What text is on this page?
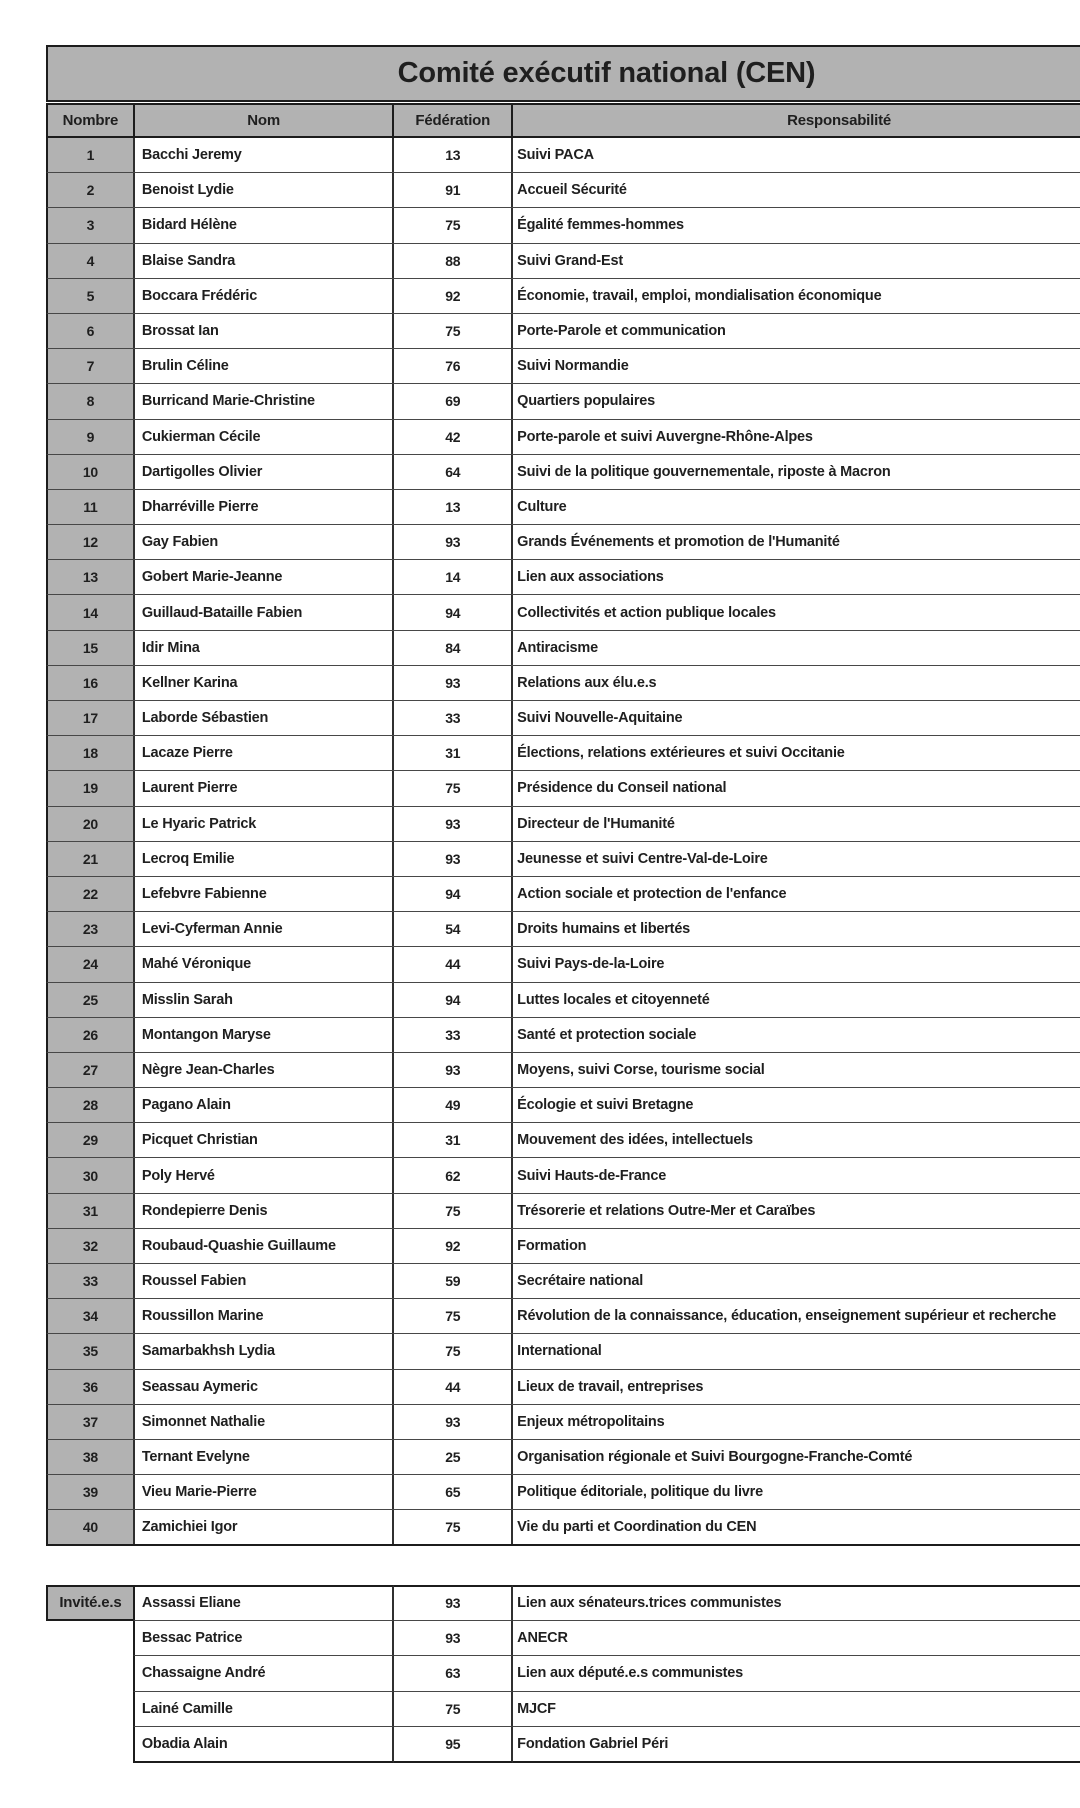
Comité exécutif national (CEN)
Nombre	Nom	Fédération	Responsabilité
1	Bacchi Jeremy	13	Suivi PACA
2	Benoist Lydie	91	Accueil Sécurité
3	Bidard Hélène	75	Égalité femmes-hommes
4	Blaise Sandra	88	Suivi Grand-Est
5	Boccara Frédéric	92	Économie, travail, emploi, mondialisation économique
6	Brossat Ian	75	Porte-Parole et communication
7	Brulin Céline	76	Suivi Normandie
8	Burricand Marie-Christine	69	Quartiers populaires
9	Cukierman Cécile	42	Porte-parole et suivi Auvergne-Rhône-Alpes
10	Dartigolles Olivier	64	Suivi de la politique gouvernementale, riposte à Macron
11	Dharréville Pierre	13	Culture
12	Gay Fabien	93	Grands Événements et promotion de l'Humanité
13	Gobert Marie-Jeanne	14	Lien aux associations
14	Guillaud-Bataille Fabien	94	Collectivités et action publique locales
15	Idir Mina	84	Antiracisme
16	Kellner Karina	93	Relations aux élu.e.s
17	Laborde Sébastien	33	Suivi Nouvelle-Aquitaine
18	Lacaze Pierre	31	Élections, relations extérieures et suivi Occitanie
19	Laurent Pierre	75	Présidence du Conseil national
20	Le Hyaric Patrick	93	Directeur de l'Humanité
21	Lecroq Emilie	93	Jeunesse et suivi Centre-Val-de-Loire
22	Lefebvre Fabienne	94	Action sociale et protection de l'enfance
23	Levi-Cyferman Annie	54	Droits humains et libertés
24	Mahé Véronique	44	Suivi Pays-de-la-Loire
25	Misslin Sarah	94	Luttes locales et citoyenneté
26	Montangon Maryse	33	Santé et protection sociale
27	Nègre Jean-Charles	93	Moyens, suivi Corse, tourisme social
28	Pagano Alain	49	Écologie et suivi Bretagne
29	Picquet Christian	31	Mouvement des idées, intellectuels
30	Poly Hervé	62	Suivi Hauts-de-France
31	Rondepierre Denis	75	Trésorerie et relations Outre-Mer et Caraïbes
32	Roubaud-Quashie Guillaume	92	Formation
33	Roussel Fabien	59	Secrétaire national
34	Roussillon Marine	75	Révolution de la connaissance, éducation, enseignement supérieur et recherche
35	Samarbakhsh Lydia	75	International
36	Seassau Aymeric	44	Lieux de travail, entreprises
37	Simonnet Nathalie	93	Enjeux métropolitains
38	Ternant Evelyne	25	Organisation régionale et Suivi Bourgogne-Franche-Comté
39	Vieu Marie-Pierre	65	Politique éditoriale, politique du livre
40	Zamichiei Igor	75	Vie du parti et Coordination du CEN
Invité.e.s	Assassi Eliane	93	Lien aux sénateurs.trices communistes
Bessac Patrice	93	ANECR
Chassaigne André	63	Lien aux député.e.s communistes
Lainé Camille	75	MJCF
Obadia Alain	95	Fondation Gabriel Péri
